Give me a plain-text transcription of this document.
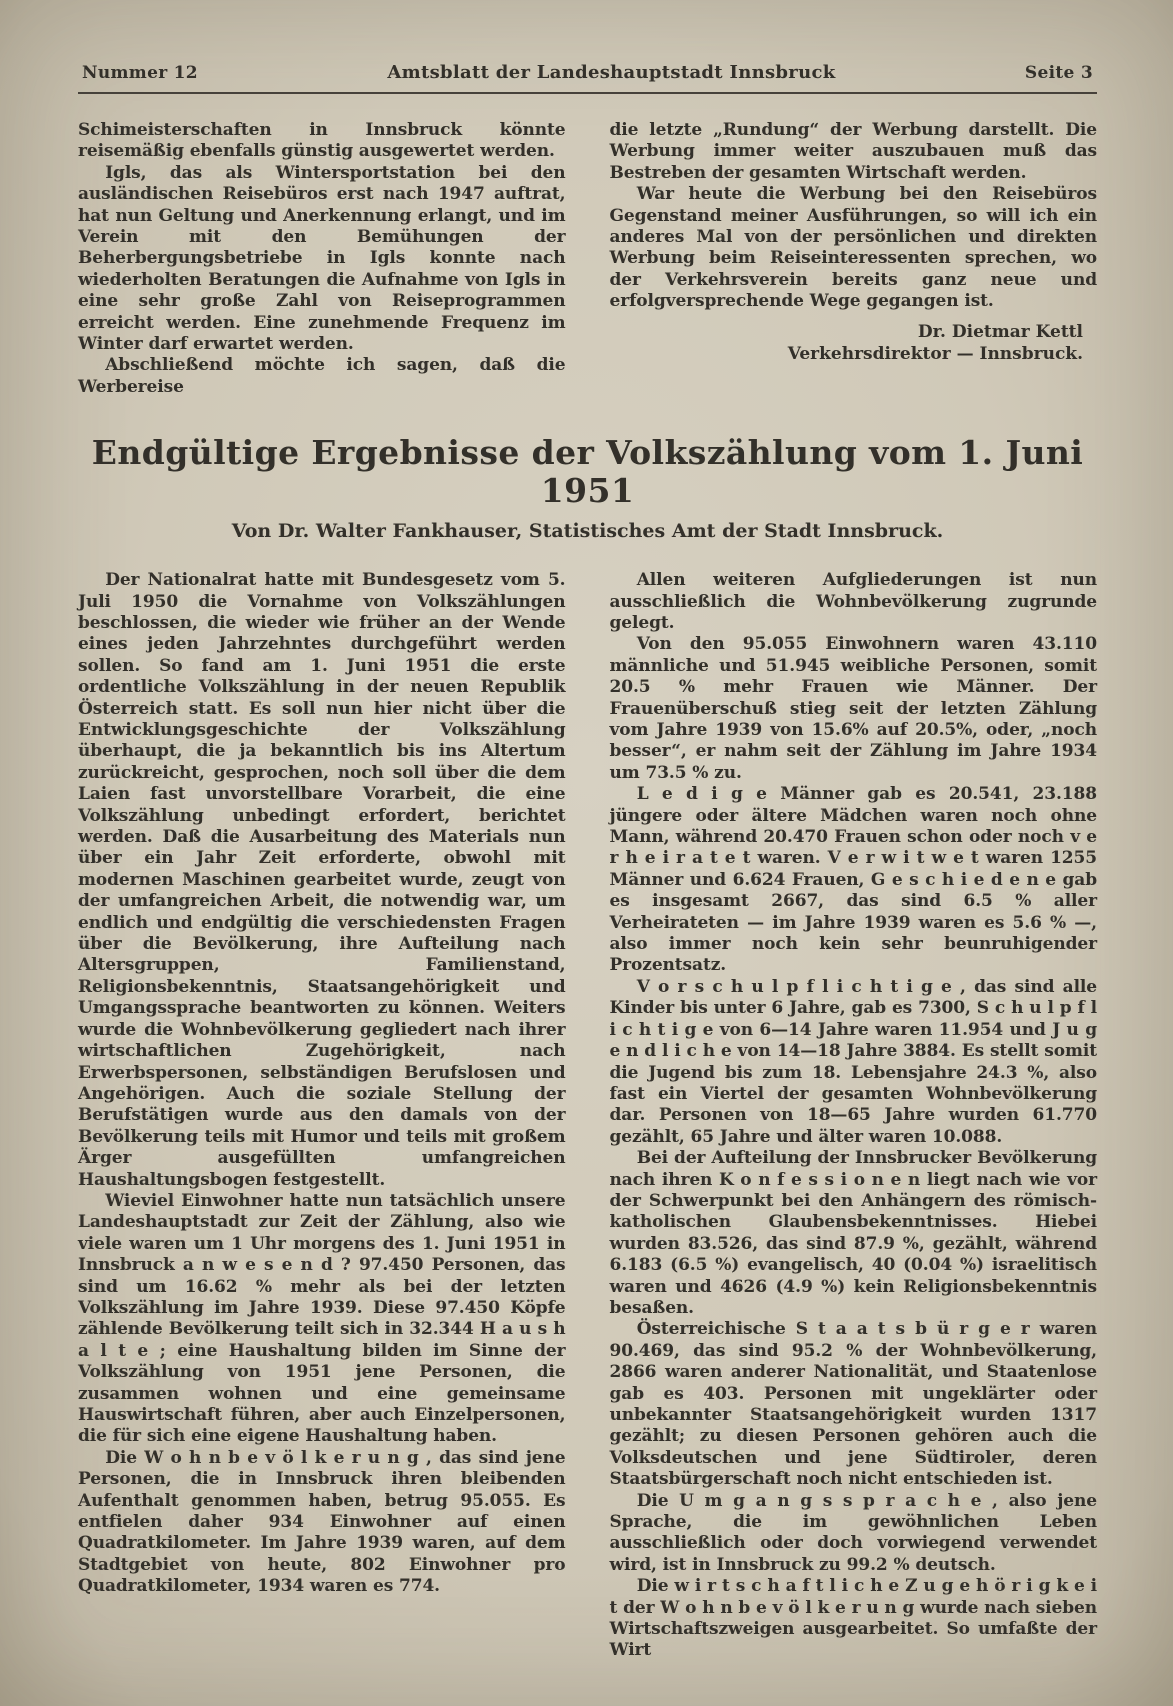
Nummer 12	Amtsblatt der Landeshauptstadt Innsbruck	Seite 3

Schimeisterschaften in Innsbruck könnte reisemäßig ebenfalls günstig ausgewertet werden.

Igls, das als Wintersportstation bei den ausländischen Reisebüros erst nach 1947 auftrat, hat nun Geltung und Anerkennung erlangt, und im Verein mit den Bemühungen der Beherbergungsbetriebe in Igls konnte nach wiederholten Beratungen die Aufnahme von Igls in eine sehr große Zahl von Reiseprogrammen erreicht werden. Eine zunehmende Frequenz im Winter darf erwartet werden.

Abschließend möchte ich sagen, daß die Werbereise

die letzte „Rundung“ der Werbung darstellt. Die Werbung immer weiter auszubauen muß das Bestreben der gesamten Wirtschaft werden.

War heute die Werbung bei den Reisebüros Gegenstand meiner Ausführungen, so will ich ein anderes Mal von der persönlichen und direkten Werbung beim Reiseinteressenten sprechen, wo der Verkehrsverein bereits ganz neue und erfolgversprechende Wege gegangen ist.

Dr. Dietmar Kettl

Verkehrsdirektor — Innsbruck.

Endgültige Ergebnisse der Volkszählung vom 1. Juni 1951

Von Dr. Walter Fankhauser, Statistisches Amt der Stadt Innsbruck.

Der Nationalrat hatte mit Bundesgesetz vom 5. Juli 1950 die Vornahme von Volkszählungen beschlossen, die wieder wie früher an der Wende eines jeden Jahrzehntes durchgeführt werden sollen. So fand am 1. Juni 1951 die erste ordentliche Volkszählung in der neuen Republik Österreich statt. Es soll nun hier nicht über die Entwicklungsgeschichte der Volkszählung überhaupt, die ja bekanntlich bis ins Altertum zurückreicht, gesprochen, noch soll über die dem Laien fast unvorstellbare Vorarbeit, die eine Volkszählung unbedingt erfordert, berichtet werden. Daß die Ausarbeitung des Materials nun über ein Jahr Zeit erforderte, obwohl mit modernen Maschinen gearbeitet wurde, zeugt von der umfangreichen Arbeit, die notwendig war, um endlich und endgültig die verschiedensten Fragen über die Bevölkerung, ihre Aufteilung nach Altersgruppen, Familienstand, Religionsbekenntnis, Staatsangehörigkeit und Umgangssprache beantworten zu können. Weiters wurde die Wohnbevölkerung gegliedert nach ihrer wirtschaftlichen Zugehörigkeit, nach Erwerbspersonen, selbständigen Berufslosen und Angehörigen. Auch die soziale Stellung der Berufstätigen wurde aus den damals von der Bevölkerung teils mit Humor und teils mit großem Ärger ausgefüllten umfangreichen Haushaltungsbogen festgestellt.

Wieviel Einwohner hatte nun tatsächlich unsere Landeshauptstadt zur Zeit der Zählung, also wie viele waren um 1 Uhr morgens des 1. Juni 1951 in Innsbruck a n w e s e n d ? 97.450 Personen, das sind um 16.62 % mehr als bei der letzten Volkszählung im Jahre 1939. Diese 97.450 Köpfe zählende Bevölkerung teilt sich in 32.344 H a u s h a l t e ; eine Haushaltung bilden im Sinne der Volkszählung von 1951 jene Personen, die zusammen wohnen und eine gemeinsame Hauswirtschaft führen, aber auch Einzelpersonen, die für sich eine eigene Haushaltung haben.

Die W o h n b e v ö l k e r u n g , das sind jene Personen, die in Innsbruck ihren bleibenden Aufenthalt genommen haben, betrug 95.055. Es entfielen daher 934 Einwohner auf einen Quadratkilometer. Im Jahre 1939 waren, auf dem Stadtgebiet von heute, 802 Einwohner pro Quadratkilometer, 1934 waren es 774.

Allen weiteren Aufgliederungen ist nun ausschließlich die Wohnbevölkerung zugrunde gelegt.

Von den 95.055 Einwohnern waren 43.110 männliche und 51.945 weibliche Personen, somit 20.5 % mehr Frauen wie Männer. Der Frauenüberschuß stieg seit der letzten Zählung vom Jahre 1939 von 15.6% auf 20.5%, oder, „noch besser“, er nahm seit der Zählung im Jahre 1934 um 73.5 % zu.

L e d i g e Männer gab es 20.541, 23.188 jüngere oder ältere Mädchen waren noch ohne Mann, während 20.470 Frauen schon oder noch v e r h e i r a t e t waren. V e r w i t w e t waren 1255 Männer und 6.624 Frauen, G e s c h i e d e n e gab es insgesamt 2667, das sind 6.5 % aller Verheirateten — im Jahre 1939 waren es 5.6 % —, also immer noch kein sehr beunruhigender Prozentsatz.

V o r s c h u l p f l i c h t i g e , das sind alle Kinder bis unter 6 Jahre, gab es 7300, S c h u l p f l i c h t i g e von 6—14 Jahre waren 11.954 und J u g e n d l i c h e von 14—18 Jahre 3884. Es stellt somit die Jugend bis zum 18. Lebensjahre 24.3 %, also fast ein Viertel der gesamten Wohnbevölkerung dar. Personen von 18—65 Jahre wurden 61.770 gezählt, 65 Jahre und älter waren 10.088.

Bei der Aufteilung der Innsbrucker Bevölkerung nach ihren K o n f e s s i o n e n liegt nach wie vor der Schwerpunkt bei den Anhängern des römisch-katholischen Glaubensbekenntnisses. Hiebei wurden 83.526, das sind 87.9 %, gezählt, während 6.183 (6.5 %) evangelisch, 40 (0.04 %) israelitisch waren und 4626 (4.9 %) kein Religionsbekenntnis besaßen.

Österreichische S t a a t s b ü r g e r waren 90.469, das sind 95.2 % der Wohnbevölkerung, 2866 waren anderer Nationalität, und Staatenlose gab es 403. Personen mit ungeklärter oder unbekannter Staatsangehörigkeit wurden 1317 gezählt; zu diesen Personen gehören auch die Volksdeutschen und jene Südtiroler, deren Staatsbürgerschaft noch nicht entschieden ist.

Die U m g a n g s s p r a c h e , also jene Sprache, die im gewöhnlichen Leben ausschließlich oder doch vorwiegend verwendet wird, ist in Innsbruck zu 99.2 % deutsch.

Die w i r t s c h a f t l i c h e Z u g e h ö r i g k e i t der W o h n b e v ö l k e r u n g wurde nach sieben Wirtschaftszweigen ausgearbeitet. So umfaßte der Wirt
